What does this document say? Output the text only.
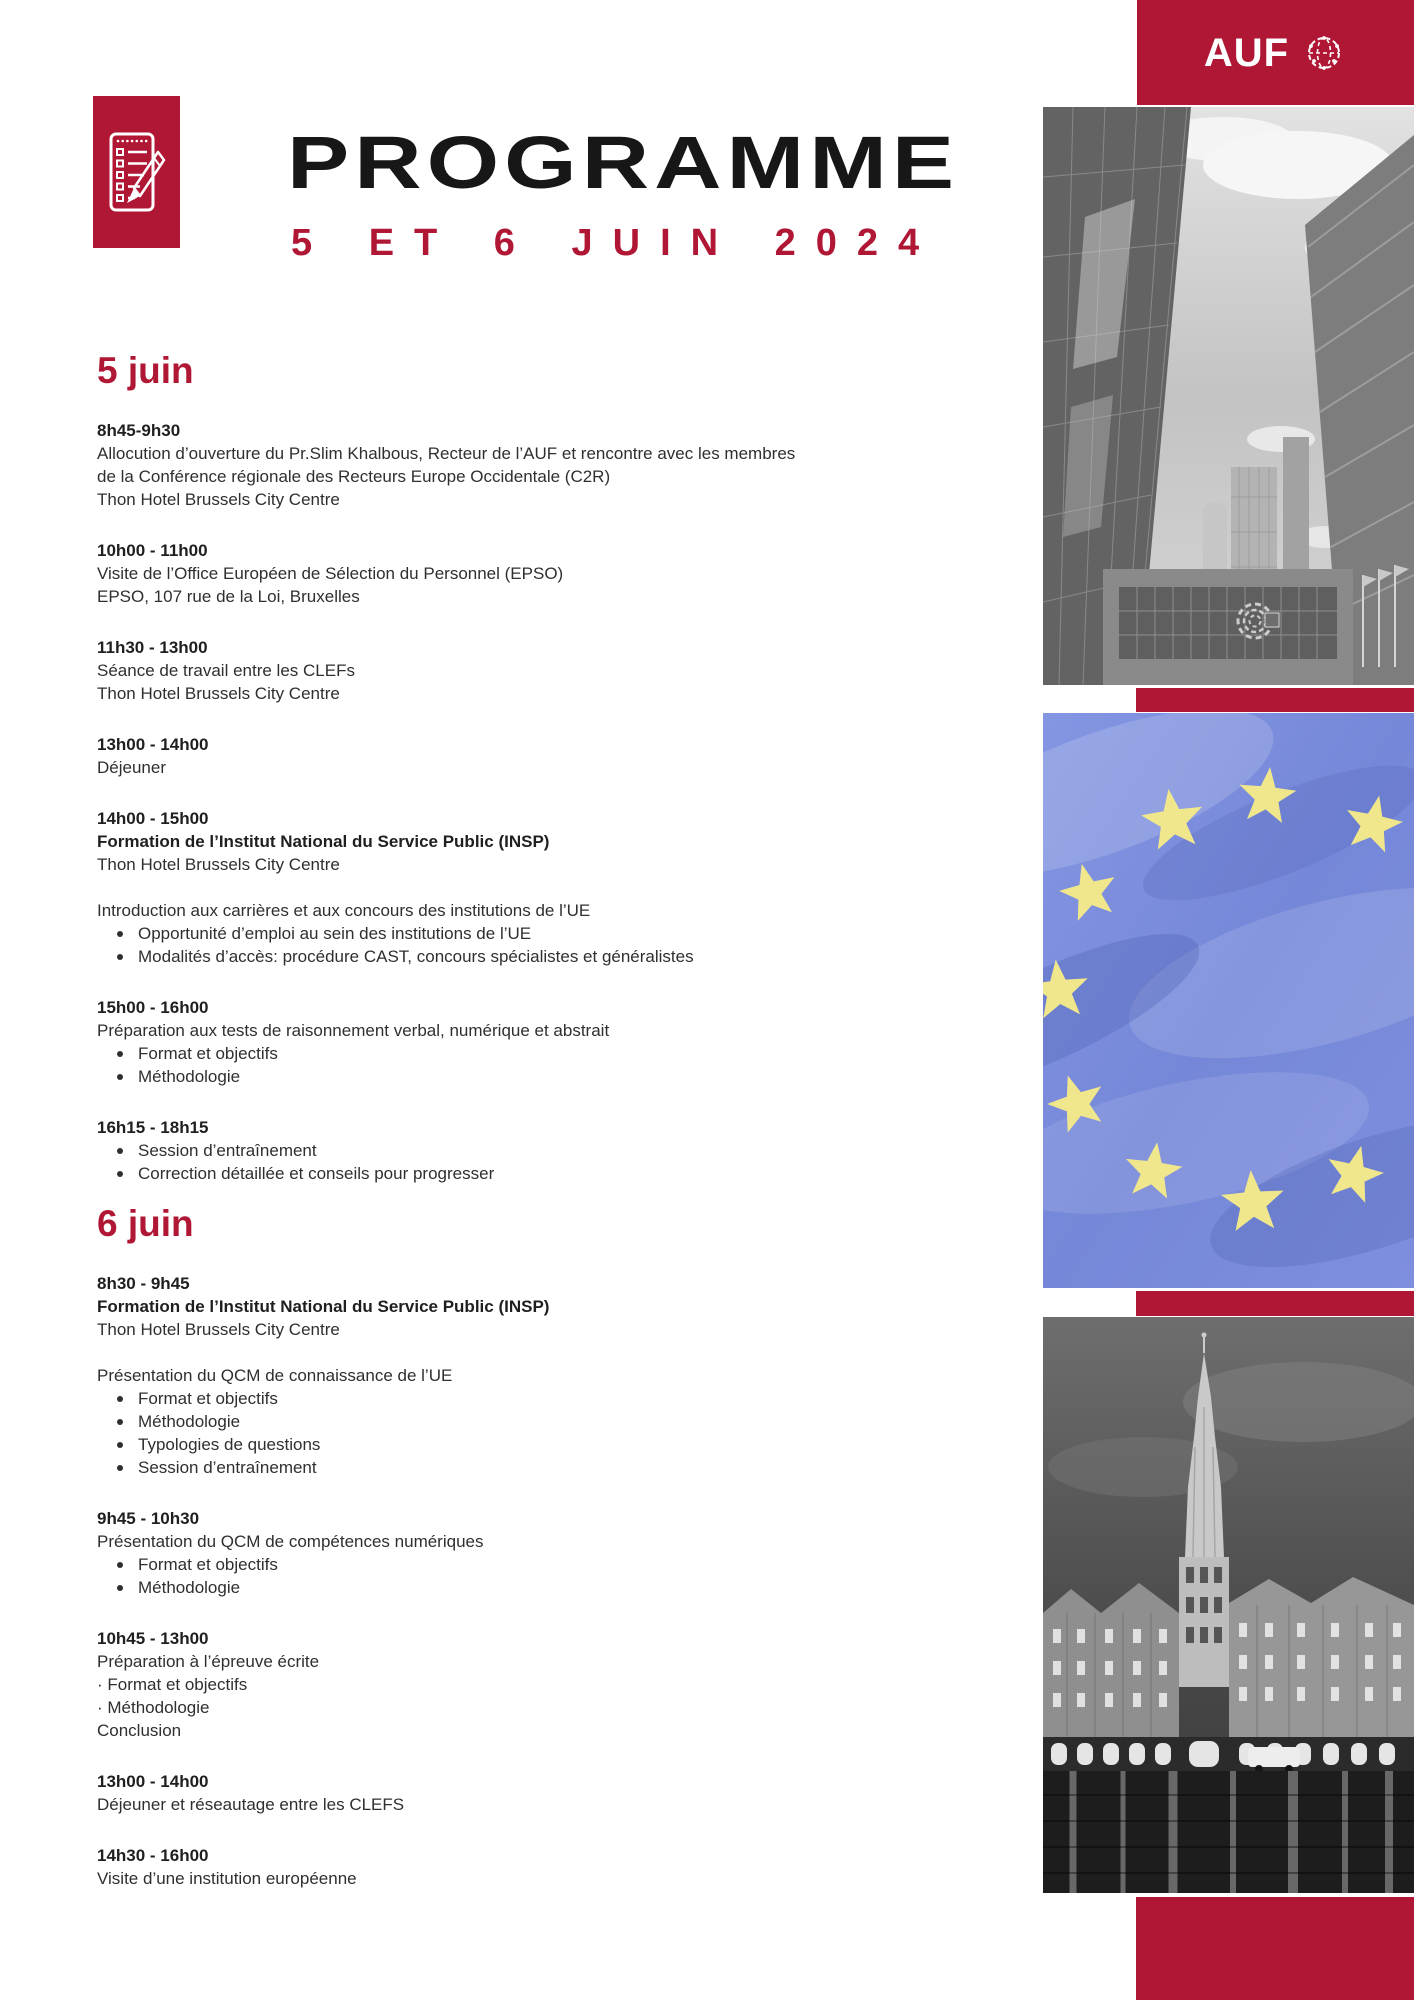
PROGRAMME
5 ET 6 JUIN 2024
AUF
5 juin
8h45-9h30
Allocution d’ouverture du Pr.Slim Khalbous, Recteur de l’AUF et rencontre avec les membres
de la Conférence régionale des Recteurs Europe Occidentale (C2R)
Thon Hotel Brussels City Centre
10h00 - 11h00
Visite de l’Office Européen de Sélection du Personnel (EPSO)
EPSO, 107 rue de la Loi, Bruxelles
11h30 - 13h00
Séance de travail entre les CLEFs
Thon Hotel Brussels City Centre
13h00 - 14h00
Déjeuner
14h00 - 15h00
Formation de l’Institut National du Service Public (INSP)
Thon Hotel Brussels City Centre
Introduction aux carrières et aux concours des institutions de l’UE
Opportunité d’emploi au sein des institutions de l’UE
Modalités d’accès: procédure CAST, concours spécialistes et généralistes
15h00 - 16h00
Préparation aux tests de raisonnement verbal, numérique et abstrait
Format et objectifs
Méthodologie
16h15 - 18h15
Session d’entraînement
Correction détaillée et conseils pour progresser
6 juin
8h30 - 9h45
Formation de l’Institut National du Service Public (INSP)
Thon Hotel Brussels City Centre
Présentation du QCM de connaissance de l’UE
Format et objectifs
Méthodologie
Typologies de questions
Session d’entraînement
9h45 - 10h30
Présentation du QCM de compétences numériques
Format et objectifs
Méthodologie
10h45 - 13h00
Préparation à l’épreuve écrite
· Format et objectifs
· Méthodologie
Conclusion
13h00 - 14h00
Déjeuner et réseautage entre les CLEFS
14h30 - 16h00
Visite d’une institution européenne
